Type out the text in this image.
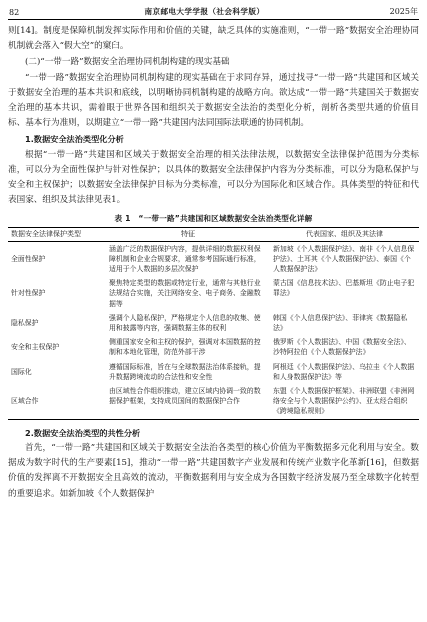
82	南京邮电大学学报（社会科学版）	2025年

则[14]。制度是保障机制发挥实际作用和价值的关键，缺乏具体的实施准则，“一带一路”数据安全治理协同机制就会落入“假大空”的窠臼。

(二)“一带一路”数据安全治理协同机制构建的现实基础

“一带一路”数据安全治理协同机制构建的现实基础在于求同存异，通过找寻“一带一路”共建国和区域关于数据安全治理的基本共识和底线，以明晰协同机制构建的战略方向。欲达成“一带一路”共建国关于数据安全治理的基本共识，需着眼于世界各国和组织关于数据安全法治的类型化分析，剖析各类型共通的价值目标、基本行为准则，以期建立“一带一路”共建国内法同国际法联通的协同机制。

1.数据安全法治类型化分析

根据“一带一路”共建国和区域关于数据安全治理的相关法律法规，以数据安全法律保护范围为分类标准，可以分为全面性保护与针对性保护；以具体的数据安全法律保护内容为分类标准，可以分为隐私保护与安全和主权保护；以数据安全法律保护目标为分类标准，可以分为国际化和区域合作。具体类型的特征和代表国家、组织及其法律见表1。

表 1　“一带一路”共建国和区域数据安全法治类型化详解
数据安全法律保护类型	特征	代表国家、组织及其法律
全面性保护	涵盖广泛的数据保护内容，提供详细的数据权利保障机制和企业合规要求，通常参考国际通行标准，适用于个人数据的多层次保护	新加坡《个人数据保护法》、南非《个人信息保护法》、土耳其《个人数据保护法》、泰国《个人数据保护法》
针对性保护	聚焦特定类型的数据或特定行业，通常与其他行业法规结合实施，关注网络安全、电子商务、金融数据等	蒙古国《信息技术法》、巴基斯坦《防止电子犯罪法》
隐私保护	强调个人隐私保护，严格规定个人信息的收集、使用和披露等内容，强调数据主体的权利	韩国《个人信息保护法》、菲律宾《数据隐私法》
安全和主权保护	侧重国家安全和主权的保护，强调对本国数据的控制和本地化管理，防范外部干涉	俄罗斯《个人数据法》、中国《数据安全法》、沙特阿拉伯《个人数据保护法》
国际化	遵循国际标准，旨在与全球数据法治体系接轨，提升数据跨境流动的合法性和安全性	阿根廷《个人数据保护法》、乌拉圭《个人数据和人身数据保护法》等
区域合作	由区域性合作组织推动，建立区域内协调一致的数据保护框架，支持成员国间的数据保护合作	东盟《个人数据保护框架》、非洲联盟《非洲网络安全与个人数据保护公约》、亚太经合组织《跨境隐私规则》
2.数据安全法治类型的共性分析

首先，“一带一路”共建国和区域关于数据安全法治各类型的核心价值为平衡数据多元化利用与安全。数据成为数字时代的生产要素[15]，推动“一带一路”共建国数字产业发展和传统产业数字化革新[16]，但数据价值的发挥离不开数据安全且高效的流动，平衡数据利用与安全成为各国数字经济发展乃至全球数字化转型的重要追求。如新加坡《个人数据保护
